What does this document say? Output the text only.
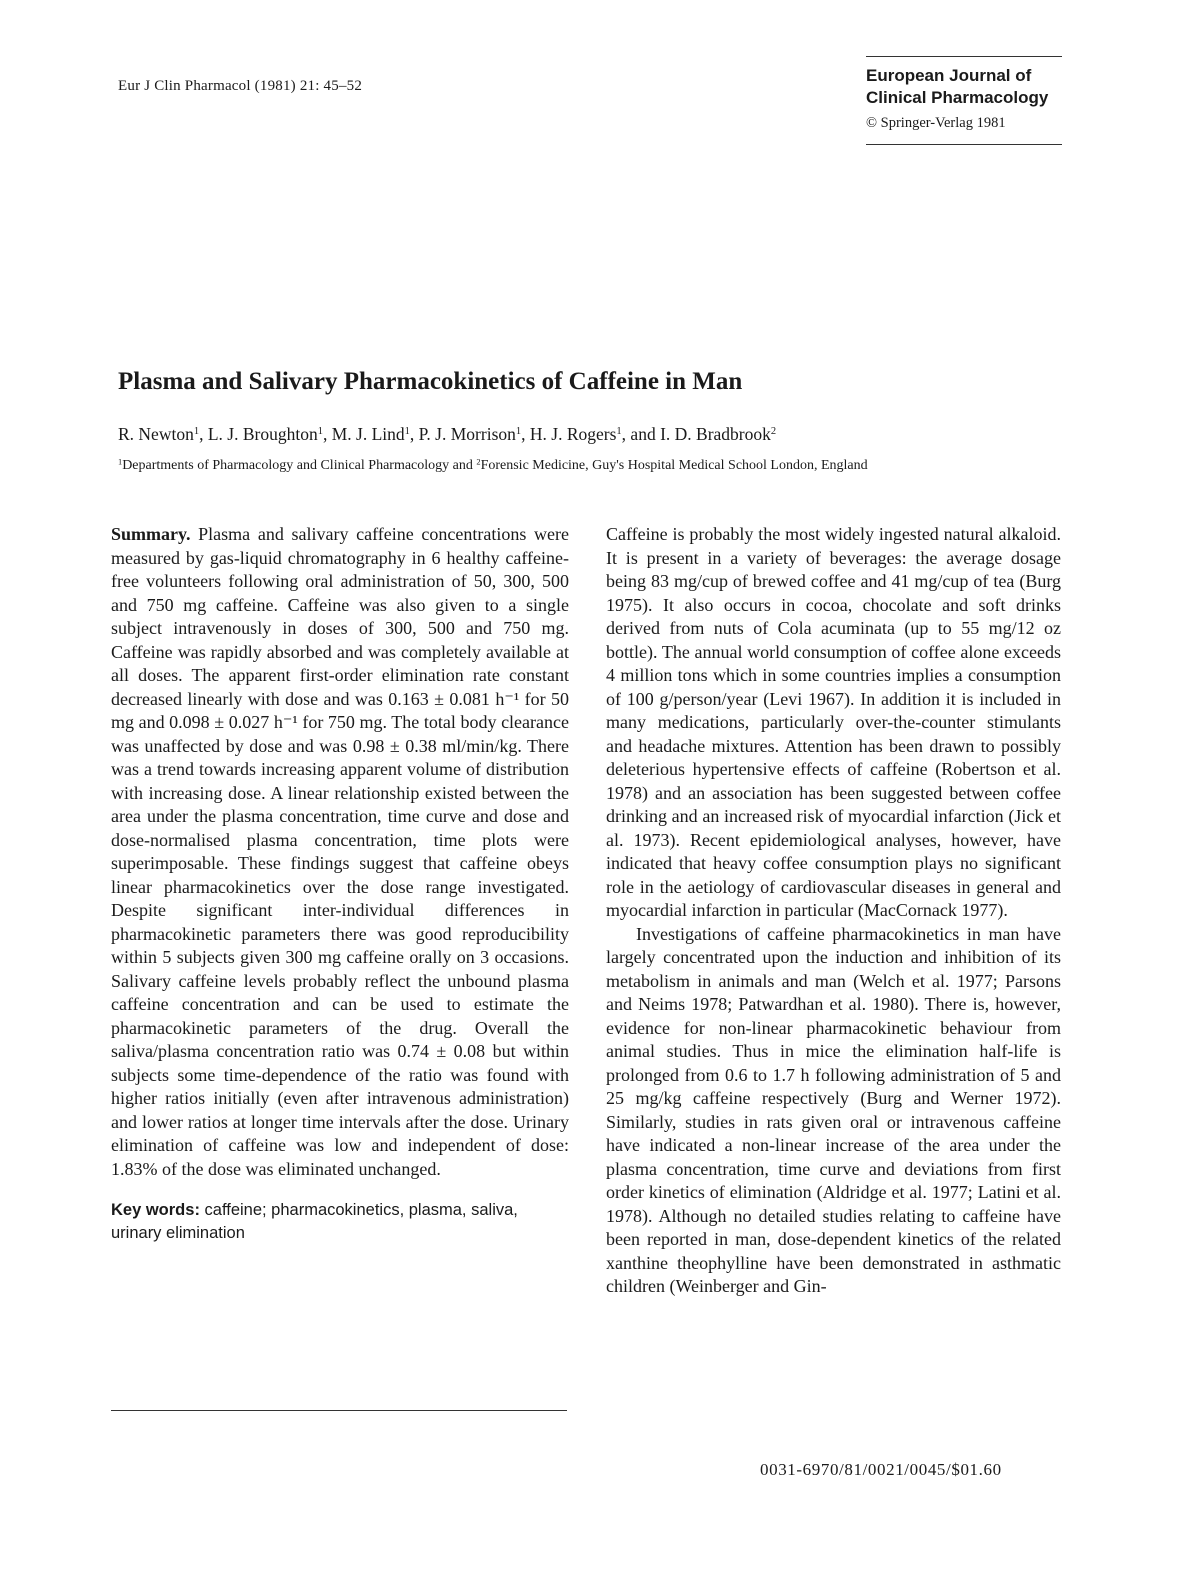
Eur J Clin Pharmacol (1981) 21: 45–52
European Journal of
Clinical Pharmacology
© Springer-Verlag 1981
Plasma and Salivary Pharmacokinetics of Caffeine in Man
R. Newton$^1$, L. J. Broughton$^1$, M. J. Lind$^1$, P. J. Morrison$^1$, H. J. Rogers$^1$, and I. D. Bradbrook$^2$
$^1$Departments of Pharmacology and Clinical Pharmacology and $^2$Forensic Medicine, Guy's Hospital Medical School London, England

Summary. Plasma and salivary caffeine concentrations were measured by gas-liquid chromatography in 6 healthy caffeine-free volunteers following oral administration of 50, 300, 500 and 750 mg caffeine. Caffeine was also given to a single subject intravenously in doses of 300, 500 and 750 mg. Caffeine was rapidly absorbed and was completely available at all doses. The apparent first-order elimination rate constant decreased linearly with dose and was 0.163 ± 0.081 h⁻¹ for 50 mg and 0.098 ± 0.027 h⁻¹ for 750 mg. The total body clearance was unaffected by dose and was 0.98 ± 0.38 ml/min/kg. There was a trend towards increasing apparent volume of distribution with increasing dose. A linear relationship existed between the area under the plasma concentration, time curve and dose and dose-normalised plasma concentration, time plots were superimposable. These findings suggest that caffeine obeys linear pharmacokinetics over the dose range investigated. Despite significant inter-individual differences in pharmacokinetic parameters there was good reproducibility within 5 subjects given 300 mg caffeine orally on 3 occasions. Salivary caffeine levels probably reflect the unbound plasma caffeine concentration and can be used to estimate the pharmacokinetic parameters of the drug. Overall the saliva/plasma concentration ratio was 0.74 ± 0.08 but within subjects some time-dependence of the ratio was found with higher ratios initially (even after intravenous administration) and lower ratios at longer time intervals after the dose. Urinary elimination of caffeine was low and independent of dose: 1.83% of the dose was eliminated unchanged.

Key words: caffeine; pharmacokinetics, plasma, saliva, urinary elimination

Caffeine is probably the most widely ingested natural alkaloid. It is present in a variety of beverages: the average dosage being 83 mg/cup of brewed coffee and 41 mg/cup of tea (Burg 1975). It also occurs in cocoa, chocolate and soft drinks derived from nuts of Cola acuminata (up to 55 mg/12 oz bottle). The annual world consumption of coffee alone exceeds 4 million tons which in some countries implies a consumption of 100 g/person/year (Levi 1967). In addition it is included in many medications, particularly over-the-counter stimulants and headache mixtures. Attention has been drawn to possibly deleterious hypertensive effects of caffeine (Robertson et al. 1978) and an association has been suggested between coffee drinking and an increased risk of myocardial infarction (Jick et al. 1973). Recent epidemiological analyses, however, have indicated that heavy coffee consumption plays no significant role in the aetiology of cardiovascular diseases in general and myocardial infarction in particular (MacCornack 1977).

Investigations of caffeine pharmacokinetics in man have largely concentrated upon the induction and inhibition of its metabolism in animals and man (Welch et al. 1977; Parsons and Neims 1978; Patwardhan et al. 1980). There is, however, evidence for non-linear pharmacokinetic behaviour from animal studies. Thus in mice the elimination half-life is prolonged from 0.6 to 1.7 h following administration of 5 and 25 mg/kg caffeine respectively (Burg and Werner 1972). Similarly, studies in rats given oral or intravenous caffeine have indicated a non-linear increase of the area under the plasma concentration, time curve and deviations from first order kinetics of elimination (Aldridge et al. 1977; Latini et al. 1978). Although no detailed studies relating to caffeine have been reported in man, dose-dependent kinetics of the related xanthine theophylline have been demonstrated in asthmatic children (Weinberger and Gin-

0031-6970/81/0021/0045/$01.60
